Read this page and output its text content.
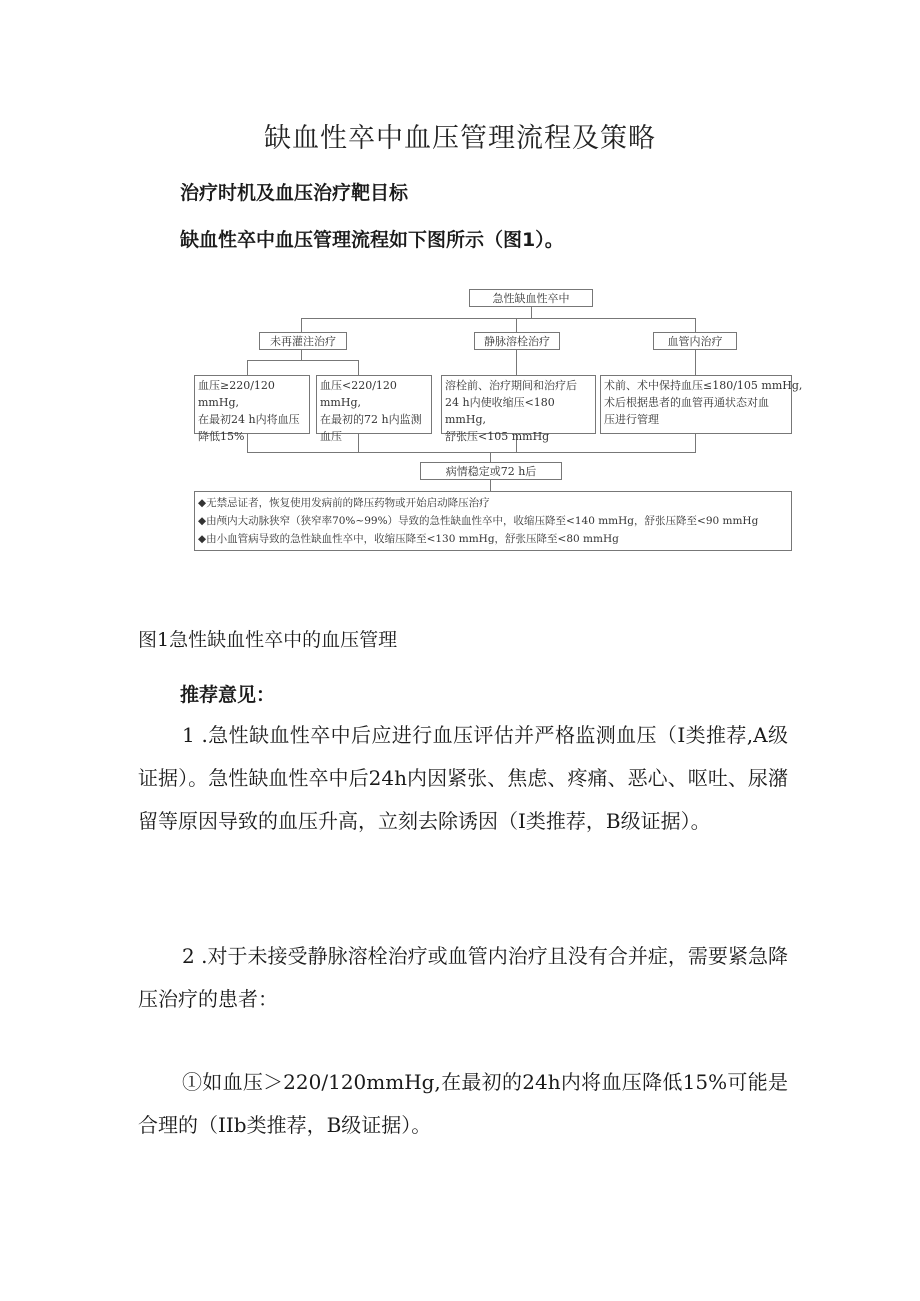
缺血性卒中血压管理流程及策略
治疗时机及血压治疗靶目标
缺血性卒中血压管理流程如下图所示（图1）。
急性缺血性卒中
未再灌注治疗	静脉溶栓治疗	血管内治疗
血压≥220/120 mmHg,
在最初24 h内将血压
降低15%
血压<220/120 mmHg,
在最初的72 h内监测
血压
溶栓前、治疗期间和治疗后
24 h内使收缩压<180 mmHg,
舒张压<105 mmHg
术前、术中保持血压≤180/105 mmHg,
术后根据患者的血管再通状态对血
压进行管理
病情稳定或72 h后
◆无禁忌证者，恢复使用发病前的降压药物或开始启动降压治疗
◆由颅内大动脉狭窄（狭窄率70%~99%）导致的急性缺血性卒中，收缩压降至<140 mmHg，舒张压降至<90 mmHg
◆由小血管病导致的急性缺血性卒中，收缩压降至<130 mmHg，舒张压降至<80 mmHg
图1急性缺血性卒中的血压管理
推荐意见：

1 .急性缺血性卒中后应进行血压评估并严格监测血压（I类推荐,A级证据）。急性缺血性卒中后24h内因紧张、焦虑、疼痛、恶心、呕吐、尿潴留等原因导致的血压升高，立刻去除诱因（I类推荐，B级证据）。

2 .对于未接受静脉溶栓治疗或血管内治疗且没有合并症，需要紧急降压治疗的患者：

①如血压＞220/120mmHg,在最初的24h内将血压降低15%可能是合理的（IIb类推荐，B级证据）。
